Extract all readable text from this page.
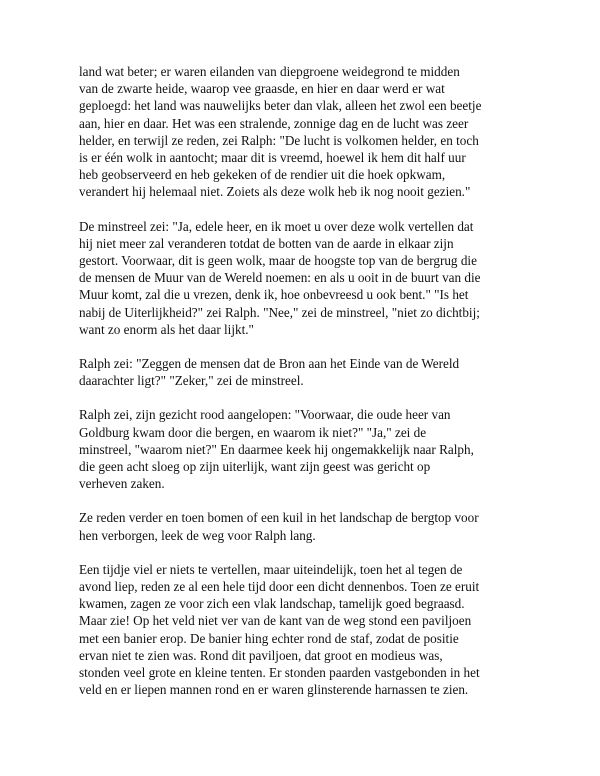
land wat beter; er waren eilanden van diepgroene weidegrond te midden
van de zwarte heide, waarop vee graasde, en hier en daar werd er wat
geploegd: het land was nauwelijks beter dan vlak, alleen het zwol een beetje
aan, hier en daar. Het was een stralende, zonnige dag en de lucht was zeer
helder, en terwijl ze reden, zei Ralph: "De lucht is volkomen helder, en toch
is er één wolk in aantocht; maar dit is vreemd, hoewel ik hem dit half uur
heb geobserveerd en heb gekeken of de rendier uit die hoek opkwam,
verandert hij helemaal niet. Zoiets als deze wolk heb ik nog nooit gezien."

De minstreel zei: "Ja, edele heer, en ik moet u over deze wolk vertellen dat
hij niet meer zal veranderen totdat de botten van de aarde in elkaar zijn
gestort. Voorwaar, dit is geen wolk, maar de hoogste top van de bergrug die
de mensen de Muur van de Wereld noemen: en als u ooit in de buurt van die
Muur komt, zal die u vrezen, denk ik, hoe onbevreesd u ook bent." "Is het
nabij de Uiterlijkheid?" zei Ralph. "Nee," zei de minstreel, "niet zo dichtbij;
want zo enorm als het daar lijkt."

Ralph zei: "Zeggen de mensen dat de Bron aan het Einde van de Wereld
daarachter ligt?" "Zeker," zei de minstreel.

Ralph zei, zijn gezicht rood aangelopen: "Voorwaar, die oude heer van
Goldburg kwam door die bergen, en waarom ik niet?" "Ja," zei de
minstreel, "waarom niet?" En daarmee keek hij ongemakkelijk naar Ralph,
die geen acht sloeg op zijn uiterlijk, want zijn geest was gericht op
verheven zaken.

Ze reden verder en toen bomen of een kuil in het landschap de bergtop voor
hen verborgen, leek de weg voor Ralph lang.

Een tijdje viel er niets te vertellen, maar uiteindelijk, toen het al tegen de
avond liep, reden ze al een hele tijd door een dicht dennenbos. Toen ze eruit
kwamen, zagen ze voor zich een vlak landschap, tamelijk goed begraasd.
Maar zie! Op het veld niet ver van de kant van de weg stond een paviljoen
met een banier erop. De banier hing echter rond de staf, zodat de positie
ervan niet te zien was. Rond dit paviljoen, dat groot en modieus was,
stonden veel grote en kleine tenten. Er stonden paarden vastgebonden in het
veld en er liepen mannen rond en er waren glinsterende harnassen te zien.
